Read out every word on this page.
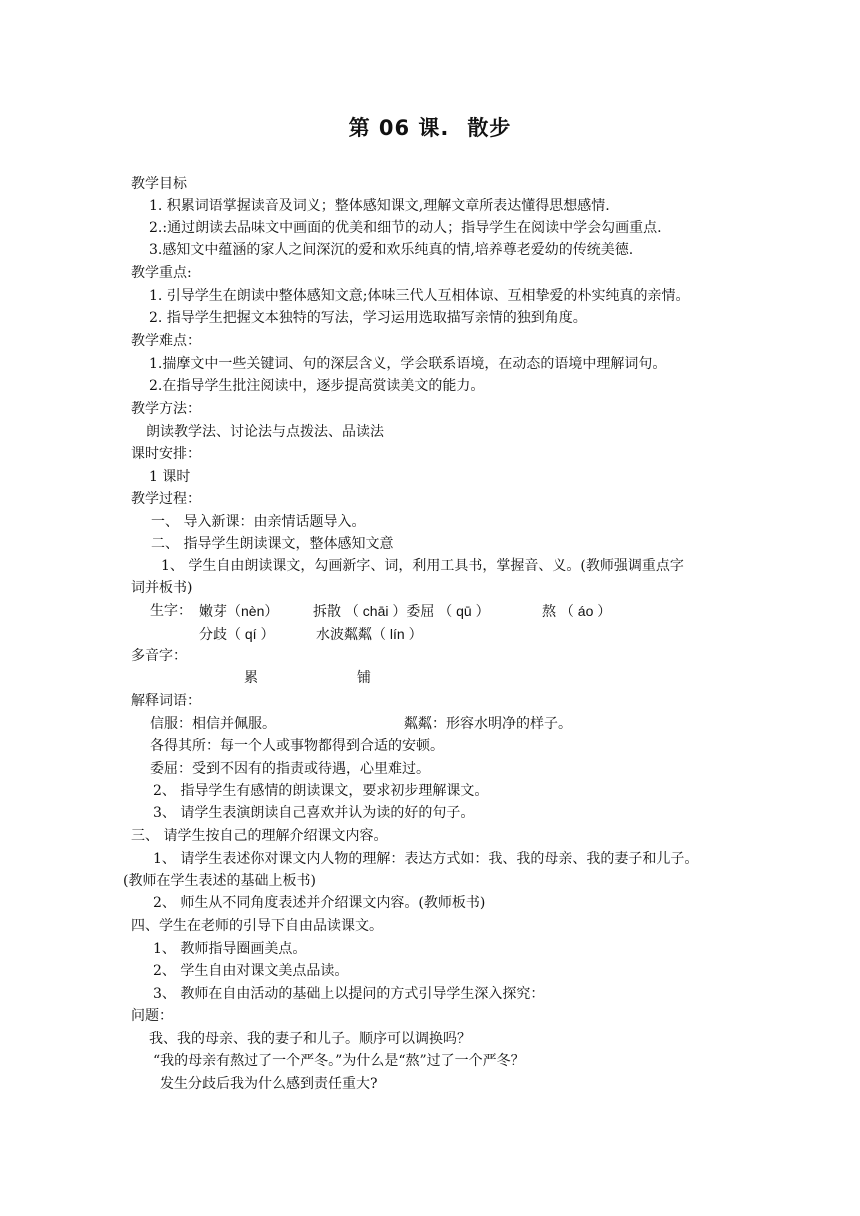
第 06 课. 散步
教学目标
1. 积累词语掌握读音及词义；整体感知课文,理解文章所表达懂得思想感情.
2.:通过朗读去品味文中画面的优美和细节的动人；指导学生在阅读中学会勾画重点.
3.感知文中蕴涵的家人之间深沉的爱和欢乐纯真的情,培养尊老爱幼的传统美德.
教学重点:
1. 引导学生在朗读中整体感知文意;体味三代人互相体谅、互相挚爱的朴实纯真的亲情。
2. 指导学生把握文本独特的写法，学习运用选取描写亲情的独到角度。
教学难点：
1.揣摩文中一些关键词、句的深层含义，学会联系语境，在动态的语境中理解词句。
2.在指导学生批注阅读中，逐步提高赏读美文的能力。
教学方法：
朗读教学法、讨论法与点拨法、品读法
课时安排：
1 课时
教学过程：
一、 导入新课：由亲情话题导入。
二、 指导学生朗读课文，整体感知文意
1、 学生自由朗读课文，勾画新字、词，利用工具书，掌握音、义。(教师强调重点字
词并板书)
生字： 嫩芽（nèn） 拆散 （ chāi ）委屈 （ qū ）	熬 （ áo ）
分歧（ qí ）	水波粼粼（ lín ）
多音字：
累	铺
解释词语：
信服：相信并佩服。	粼粼：形容水明净的样子。
各得其所：每一个人或事物都得到合适的安顿。
委屈：受到不因有的指责或待遇，心里难过。
2、 指导学生有感情的朗读课文，要求初步理解课文。
3、 请学生表演朗读自己喜欢并认为读的好的句子。
三、 请学生按自己的理解介绍课文内容。
1、 请学生表述你对课文内人物的理解：表达方式如：我、我的母亲、我的妻子和儿子。
(教师在学生表述的基础上板书)
2、 师生从不同角度表述并介绍课文内容。(教师板书)
四、学生在老师的引导下自由品读课文。
1、 教师指导圈画美点。
2、 学生自由对课文美点品读。
3、 教师在自由活动的基础上以提问的方式引导学生深入探究：
问题：
我、我的母亲、我的妻子和儿子。顺序可以调换吗？
“我的母亲有熬过了一个严冬。”为什么是“熬”过了一个严冬？
发生分歧后我为什么感到责任重大?
